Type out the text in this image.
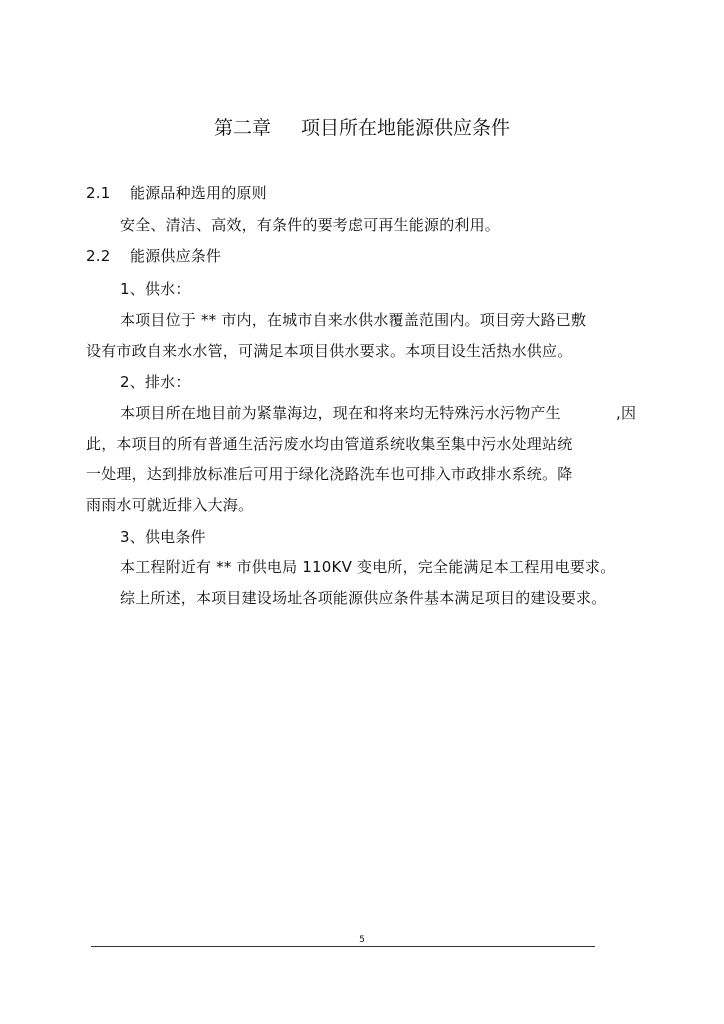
第二章 项目所在地能源供应条件
2.1 能源品种选用的原则
安全、清洁、高效，有条件的要考虑可再生能源的利用。
2.2 能源供应条件
1、供水：
本项目位于 ** 市内，在城市自来水供水覆盖范围内。项目旁大路已敷
设有市政自来水水管，可满足本项目供水要求。本项目设生活热水供应。
2、排水：
本项目所在地目前为紧靠海边，现在和将来均无特殊污水污物产生	,因
此，本项目的所有普通生活污废水均由管道系统收集至集中污水处理站统
一处理，达到排放标准后可用于绿化浇路洗车也可排入市政排水系统。降
雨雨水可就近排入大海。
3、供电条件
本工程附近有 ** 市供电局 110KV 变电所，完全能满足本工程用电要求。
综上所述，本项目建设场址各项能源供应条件基本满足项目的建设要求。
5
